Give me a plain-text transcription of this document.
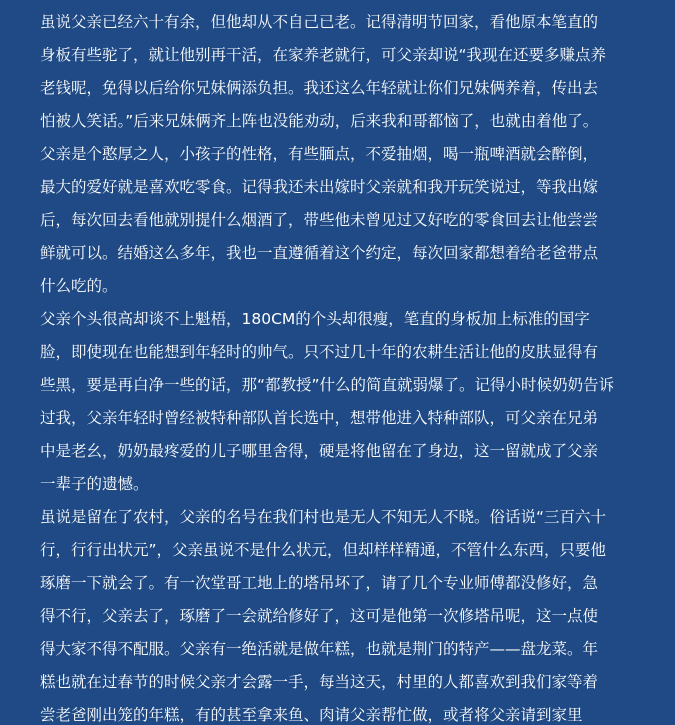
虽说父亲已经六十有余，但他却从不自己已老。记得清明节回家，看他原本笔直的
身板有些驼了，就让他别再干活，在家养老就行，可父亲却说“我现在还要多赚点养
老钱呢，免得以后给你兄妹俩添负担。我还这么年轻就让你们兄妹俩养着，传出去
怕被人笑话。”后来兄妹俩齐上阵也没能劝动，后来我和哥都恼了，也就由着他了。
父亲是个憨厚之人，小孩子的性格，有些腼点，不爱抽烟，喝一瓶啤酒就会醉倒，
最大的爱好就是喜欢吃零食。记得我还未出嫁时父亲就和我开玩笑说过，等我出嫁
后，每次回去看他就别提什么烟酒了，带些他未曾见过又好吃的零食回去让他尝尝
鲜就可以。结婚这么多年，我也一直遵循着这个约定，每次回家都想着给老爸带点
什么吃的。
父亲个头很高却谈不上魁梧，180CM的个头却很瘦，笔直的身板加上标准的国字
脸，即使现在也能想到年轻时的帅气。只不过几十年的农耕生活让他的皮肤显得有
些黑，要是再白净一些的话，那“都教授”什么的简直就弱爆了。记得小时候奶奶告诉
过我，父亲年轻时曾经被特种部队首长选中，想带他进入特种部队，可父亲在兄弟
中是老幺，奶奶最疼爱的儿子哪里舍得，硬是将他留在了身边，这一留就成了父亲
一辈子的遗憾。
虽说是留在了农村，父亲的名号在我们村也是无人不知无人不晓。俗话说“三百六十
行，行行出状元”，父亲虽说不是什么状元，但却样样精通，不管什么东西，只要他
琢磨一下就会了。有一次堂哥工地上的塔吊坏了，请了几个专业师傅都没修好，急
得不行，父亲去了，琢磨了一会就给修好了，这可是他第一次修塔吊呢，这一点使
得大家不得不配服。父亲有一绝活就是做年糕，也就是荆门的特产——盘龙菜。年
糕也就在过春节的时候父亲才会露一手，每当这天，村里的人都喜欢到我们家等着
尝老爸刚出笼的年糕，有的甚至拿来鱼、肉请父亲帮忙做，或者将父亲请到家里
